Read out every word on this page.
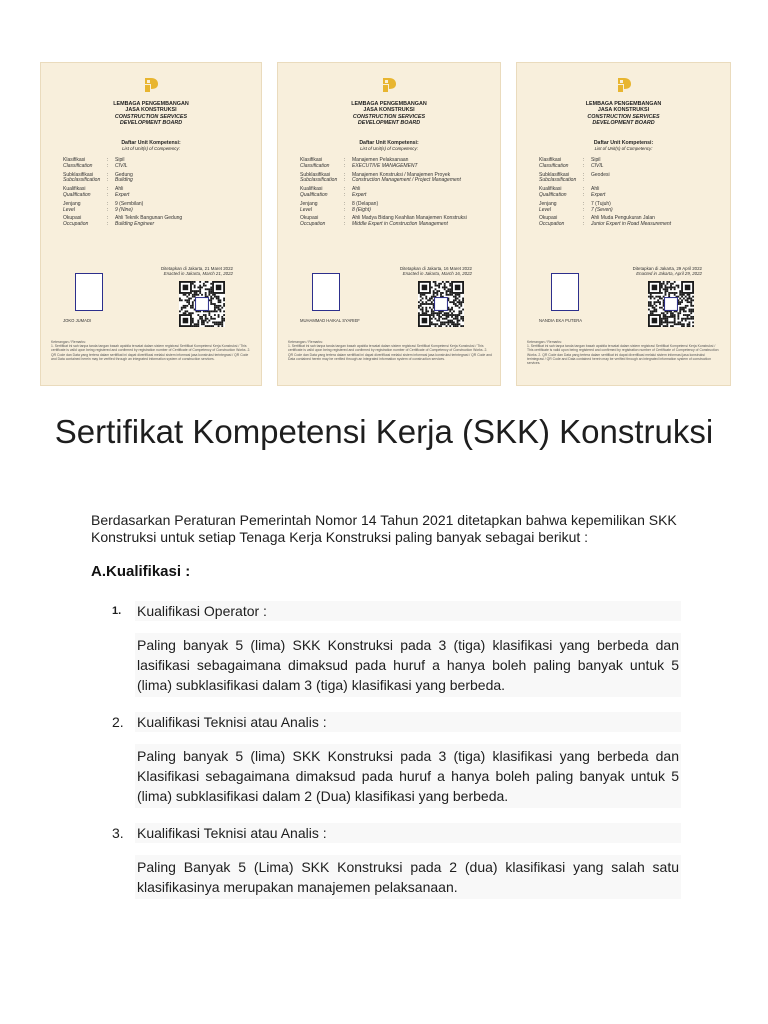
LEMBAGA PENGEMBANGAN
JASA KONSTRUKSI
CONSTRUCTION SERVICES
DEVELOPMENT BOARD
Daftar Unit Kompetensi:
List of Unit(s) of Competency:
Klasifikasi
Classification
:
:
Sipil
CIVIL
Subklasifikasi
Subclassification
:
:
Gedung
Building
Kualifikasi
Qualification
:
:
Ahli
Expert
Jenjang
Level
:
:
9 (Sembilan)
9 (Nine)
Okupasi
Occupation
:
:
Ahli Teknik Bangunan Gedung
Building Engineer
Ditetapkan di Jakarta, 21 Maret 2022
Enacted in Jakarta, March 21, 2022
JOKO JUMADI
Keterangan / Remarks:
1. Sertifikat ini sah tanpa tanda tangan basah apabila tercatat dalam sistem registrasi Sertifikat Kompetensi Kerja Konstruksi / This certificate is valid upon being registered and confirmed by registration number of Certificate of Competency of Construction Works. 2. QR Code dan Data yang tertera dalam sertifikat ini dapat diverifikasi melalui sistem informasi jasa konstruksi terintegrasi / QR Code and Data contained herein may be verified through an integrated information system of construction services.
LEMBAGA PENGEMBANGAN
JASA KONSTRUKSI
CONSTRUCTION SERVICES
DEVELOPMENT BOARD
Daftar Unit Kompetensi:
List of Unit(s) of Competency:
Klasifikasi
Classification
:
:
Manajemen Pelaksanaan
EXECUTIVE MANAGEMENT
Subklasifikasi
Subclassification
:
:
Manajemen Konstruksi / Manajemen Proyek
Construction Management / Project Management
Kualifikasi
Qualification
:
:
Ahli
Expert
Jenjang
Level
:
:
8 (Delapan)
8 (Eight)
Okupasi
Occupation
:
:
Ahli Madya Bidang Keahlian Manajemen Konstruksi
Middle Expert in Construction Management
Ditetapkan di Jakarta, 16 Maret 2022
Enacted in Jakarta, March 16, 2022
MUHAMMAD HAIKAL SYARIEF
Keterangan / Remarks:
1. Sertifikat ini sah tanpa tanda tangan basah apabila tercatat dalam sistem registrasi Sertifikat Kompetensi Kerja Konstruksi / This certificate is valid upon being registered and confirmed by registration number of Certificate of Competency of Construction Works. 2. QR Code dan Data yang tertera dalam sertifikat ini dapat diverifikasi melalui sistem informasi jasa konstruksi terintegrasi / QR Code and Data contained herein may be verified through an integrated information system of construction services.
LEMBAGA PENGEMBANGAN
JASA KONSTRUKSI
CONSTRUCTION SERVICES
DEVELOPMENT BOARD
Daftar Unit Kompetensi:
List of Unit(s) of Competency:
Klasifikasi
Classification
:
:
Sipil
CIVIL
Subklasifikasi
Subclassification
:
:
Geodesi
Kualifikasi
Qualification
:
:
Ahli
Expert
Jenjang
Level
:
:
7 (Tujuh)
7 (Seven)
Okupasi
Occupation
:
:
Ahli Muda Pengukuran Jalan
Junior Expert in Road Measurement
Ditetapkan di Jakarta, 29 April 2022
Enacted in Jakarta, April 29, 2022
NANDIA EKA PUTERA
Keterangan / Remarks:
1. Sertifikat ini sah tanpa tanda tangan basah apabila tercatat dalam sistem registrasi Sertifikat Kompetensi Kerja Konstruksi / This certificate is valid upon being registered and confirmed by registration number of Certificate of Competency of Construction Works. 2. QR Code dan Data yang tertera dalam sertifikat ini dapat diverifikasi melalui sistem informasi jasa konstruksi terintegrasi / QR Code and Data contained herein may be verified through an integrated information system of construction services.
Sertifikat Kompetensi Kerja (SKK) Konstruksi

Berdasarkan Peraturan Pemerintah Nomor 14 Tahun 2021 ditetapkan bahwa kepemilikan SKK Konstruksi untuk setiap Tenaga Kerja Konstruksi paling banyak sebagai berikut :

A.Kualifikasi :
1. Kualifikasi Operator :
Paling banyak 5 (lima) SKK Konstruksi pada 3 (tiga) klasifikasi yang berbeda dan lasifikasi sebagaimana dimaksud pada huruf a hanya boleh paling banyak untuk 5 (lima) subklasifikasi dalam 3 (tiga) klasifikasi yang berbeda.
2. Kualifikasi Teknisi atau Analis :
Paling banyak 5 (lima) SKK Konstruksi pada 3 (tiga) klasifikasi yang berbeda dan Klasifikasi sebagaimana dimaksud pada huruf a hanya boleh paling banyak untuk 5 (lima) subklasifikasi dalam 2 (Dua) klasifikasi yang berbeda.
3. Kualifikasi Teknisi atau Analis :
Paling Banyak 5 (Lima) SKK Konstruksi pada 2 (dua) klasifikasi yang salah satu klasifikasinya merupakan manajemen pelaksanaan.
